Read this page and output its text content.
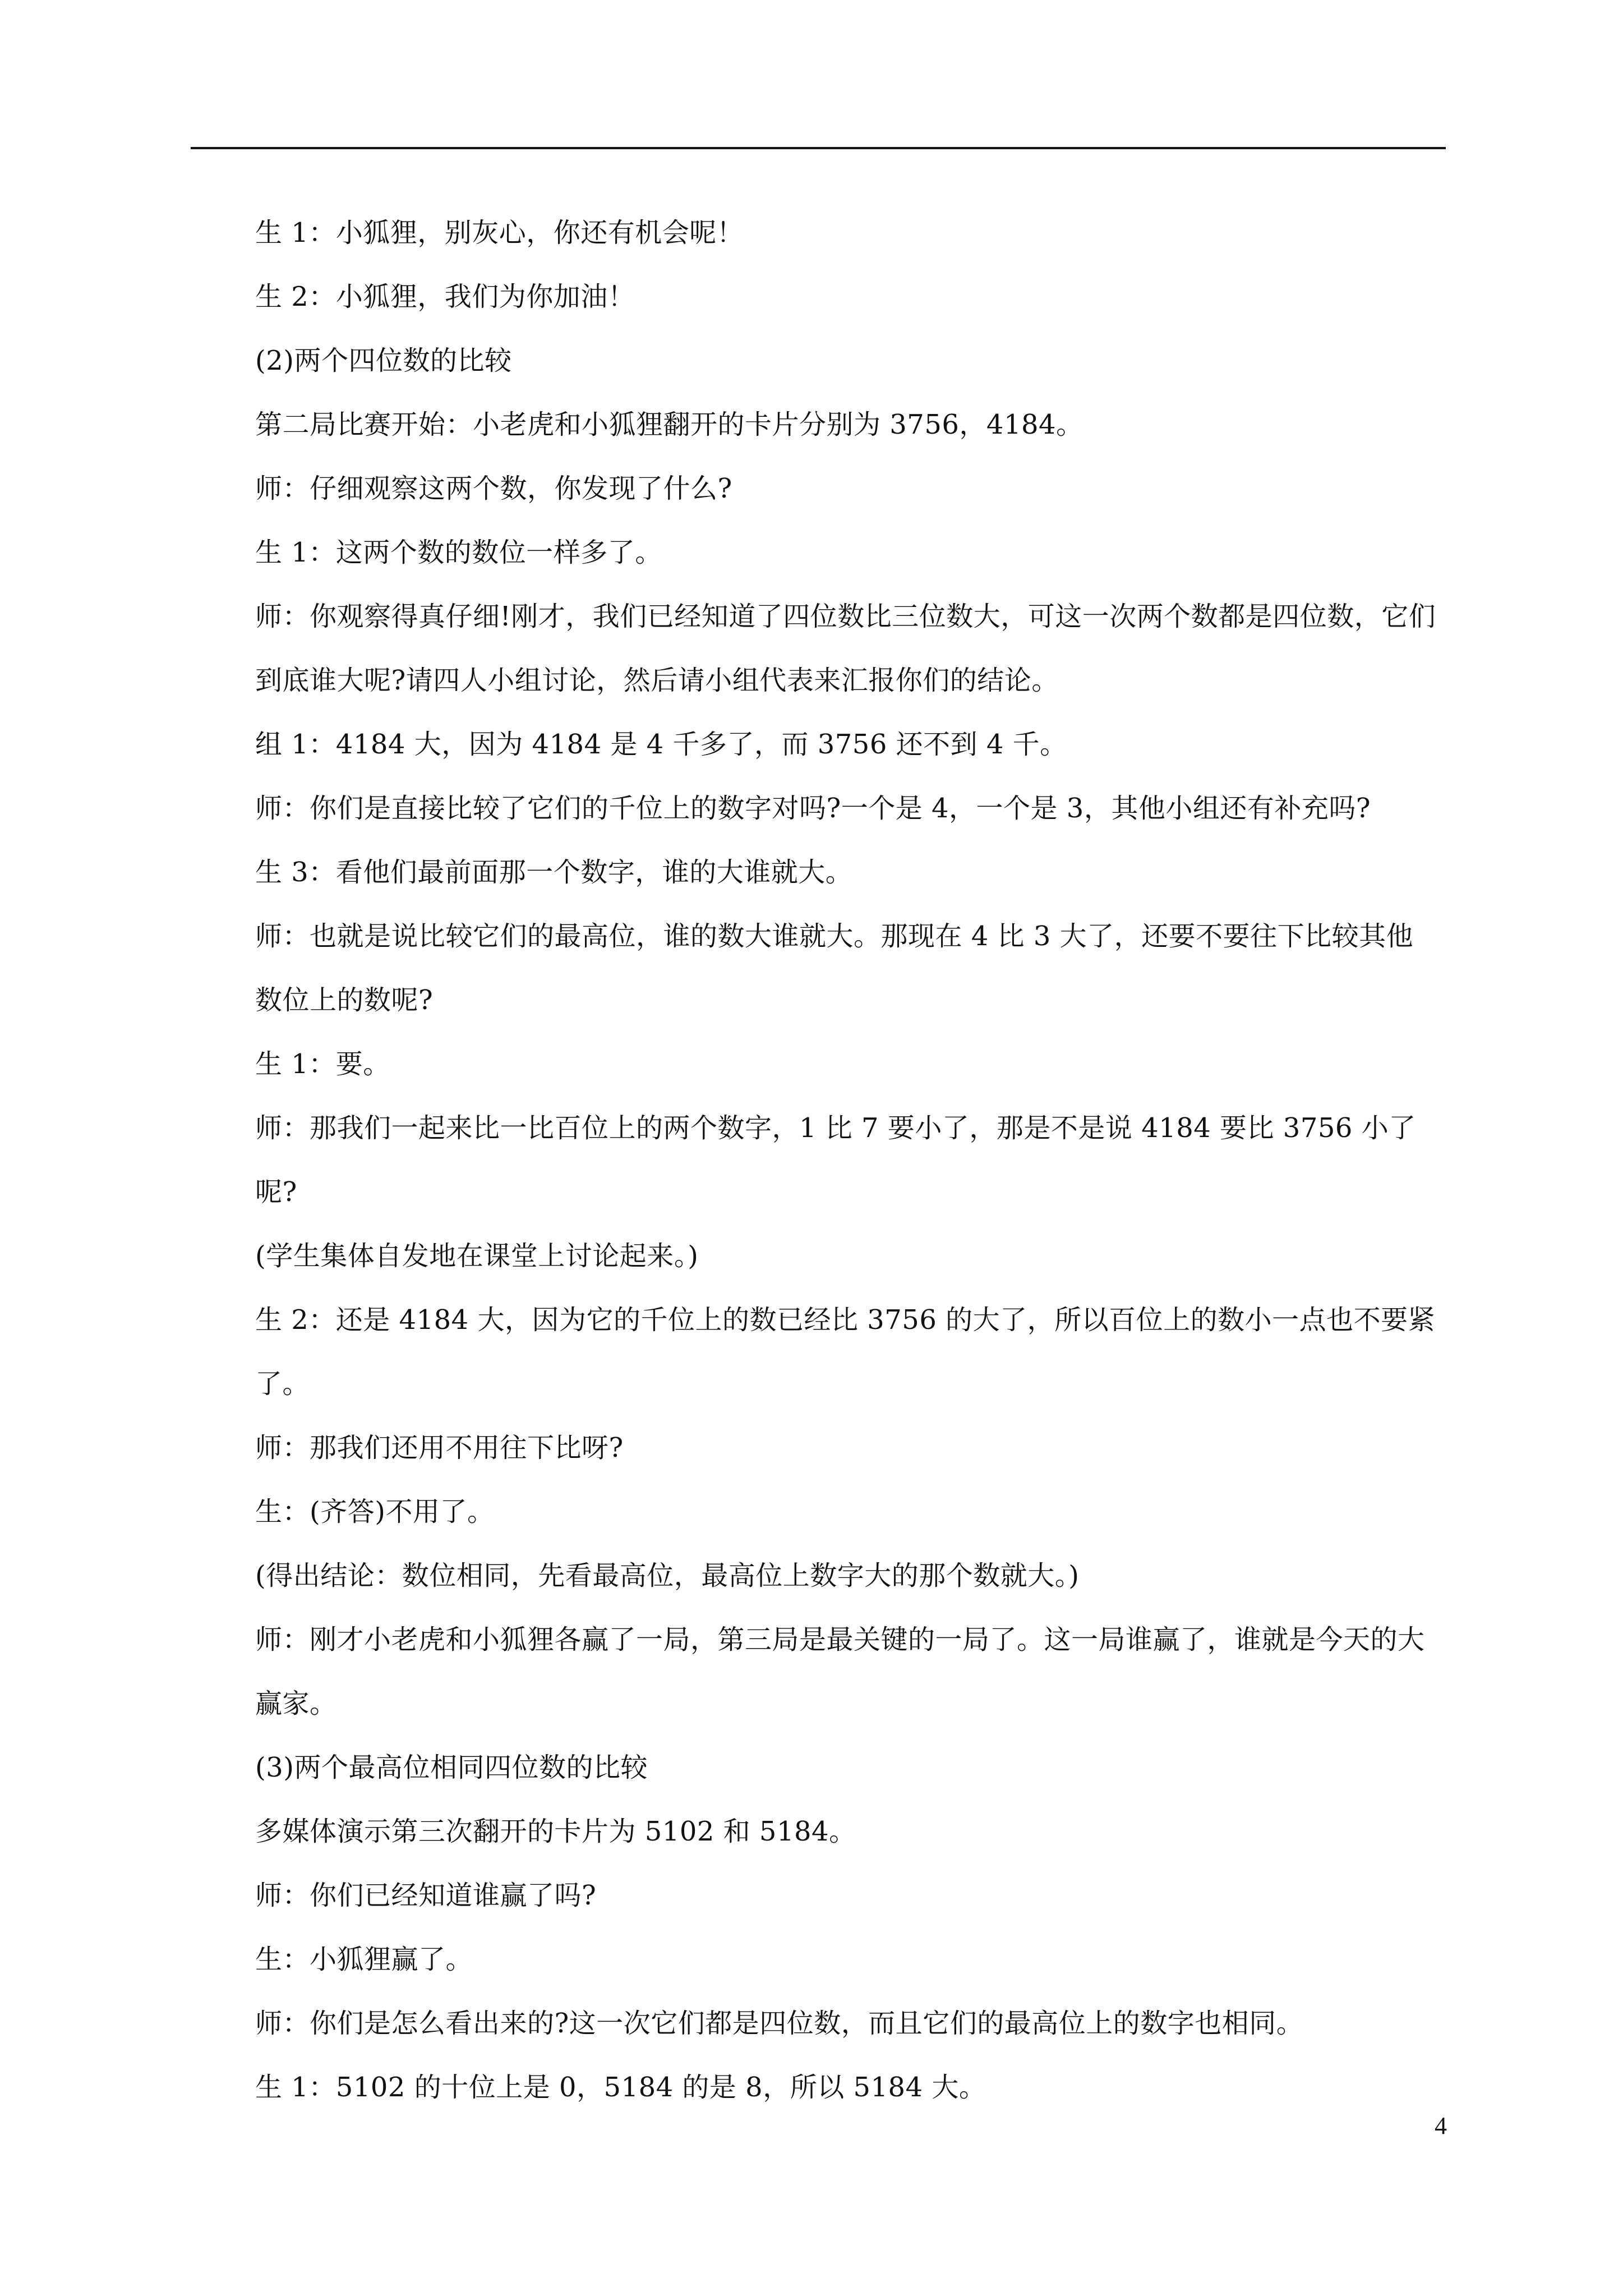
生 1：小狐狸，别灰心，你还有机会呢！

生 2：小狐狸，我们为你加油！

(2)两个四位数的比较

第二局比赛开始：小老虎和小狐狸翻开的卡片分别为 3756，4184。

师：仔细观察这两个数，你发现了什么?

生 1：这两个数的数位一样多了。

师：你观察得真仔细!刚才，我们已经知道了四位数比三位数大，可这一次两个数都是四位数，它们到底谁大呢?请四人小组讨论，然后请小组代表来汇报你们的结论。

组 1：4184 大，因为 4184 是 4 千多了，而 3756 还不到 4 千。

师：你们是直接比较了它们的千位上的数字对吗?一个是 4，一个是 3，其他小组还有补充吗?

生 3：看他们最前面那一个数字，谁的大谁就大。

师：也就是说比较它们的最高位，谁的数大谁就大。那现在 4 比 3 大了，还要不要往下比较其他数位上的数呢?

生 1：要。

师：那我们一起来比一比百位上的两个数字，1 比 7 要小了，那是不是说 4184 要比 3756 小了呢?

(学生集体自发地在课堂上讨论起来。)

生 2：还是 4184 大，因为它的千位上的数已经比 3756 的大了，所以百位上的数小一点也不要紧了。

师：那我们还用不用往下比呀?

生：(齐答)不用了。

(得出结论：数位相同，先看最高位，最高位上数字大的那个数就大。)

师：刚才小老虎和小狐狸各赢了一局，第三局是最关键的一局了。这一局谁赢了，谁就是今天的大赢家。

(3)两个最高位相同四位数的比较

多媒体演示第三次翻开的卡片为 5102 和 5184。

师：你们已经知道谁赢了吗?

生：小狐狸赢了。

师：你们是怎么看出来的?这一次它们都是四位数，而且它们的最高位上的数字也相同。

生 1：5102 的十位上是 0，5184 的是 8，所以 5184 大。

4
